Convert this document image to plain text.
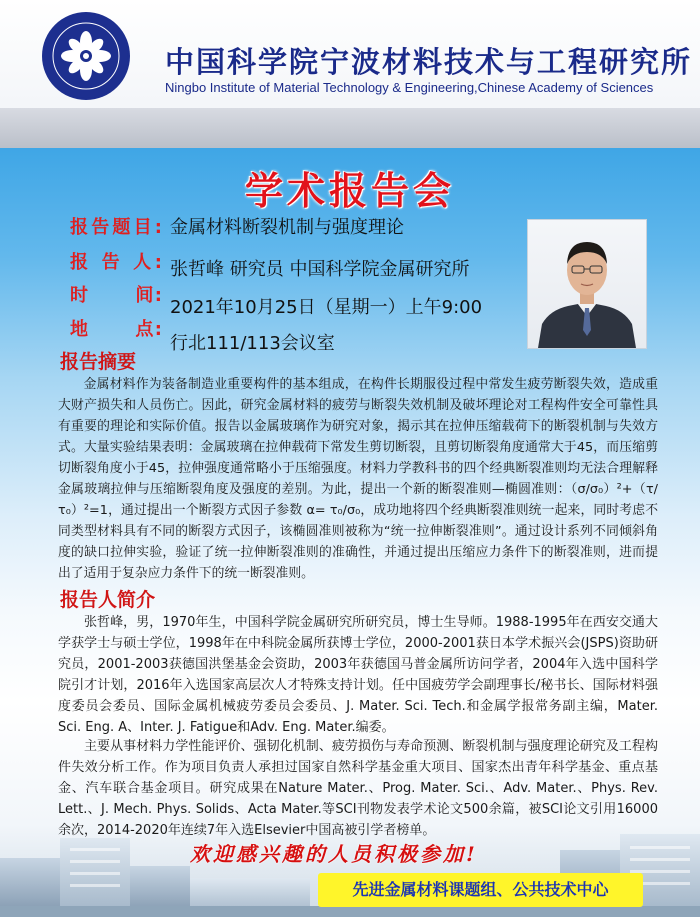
中国科学院宁波材料技术与工程研究所
Ningbo Institute of Material Technology & Engineering,Chinese Academy of Sciences
学术报告会
报告题目: 金属材料断裂机制与强度理论
报 告 人: 张哲峰 研究员 中国科学院金属研究所
时      间:
2021年10月25日（星期一）上午9:00
地      点:
行北111/113会议室
报告摘要

金属材料作为装备制造业重要构件的基本组成，在构件长期服役过程中常发生疲劳断裂失效，造成重大财产损失和人员伤亡。因此，研究金属材料的疲劳与断裂失效机制及破坏理论对工程构件安全可靠性具有重要的理论和实际价值。报告以金属玻璃作为研究对象，揭示其在拉伸压缩载荷下的断裂机制与失效方式。大量实验结果表明：金属玻璃在拉伸载荷下常发生剪切断裂，且剪切断裂角度通常大于45，而压缩剪切断裂角度小于45，拉伸强度通常略小于压缩强度。材料力学教科书的四个经典断裂准则均无法合理解释金属玻璃拉伸与压缩断裂角度及强度的差别。为此，提出一个新的断裂准则—椭圆准则：（σ/σ₀）²+（τ/τ₀）²=1，通过提出一个断裂方式因子参数 α= τ₀/σ₀，成功地将四个经典断裂准则统一起来，同时考虑不同类型材料具有不同的断裂方式因子，该椭圆准则被称为“统一拉伸断裂准则”。通过设计系列不同倾斜角度的缺口拉伸实验，验证了统一拉伸断裂准则的准确性，并通过提出压缩应力条件下的断裂准则，进而提出了适用于复杂应力条件下的统一断裂准则。

报告人简介

张哲峰，男，1970年生，中国科学院金属研究所研究员，博士生导师。1988-1995年在西安交通大学获学士与硕士学位，1998年在中科院金属所获博士学位，2000-2001获日本学术振兴会(JSPS)资助研究员，2001-2003获德国洪堡基金会资助，2003年获德国马普金属所访问学者，2004年入选中国科学院引才计划，2016年入选国家高层次人才特殊支持计划。任中国疲劳学会副理事长/秘书长、国际材料强度委员会委员、国际金属机械疲劳委员会委员、J. Mater. Sci. Tech.和金属学报常务副主编，Mater. Sci. Eng. A、Inter. J. Fatigue和Adv. Eng. Mater.编委。

主要从事材料力学性能评价、强韧化机制、疲劳损伤与寿命预测、断裂机制与强度理论研究及工程构件失效分析工作。作为项目负责人承担过国家自然科学基金重大项目、国家杰出青年科学基金、重点基金、汽车联合基金项目。研究成果在Nature Mater.、Prog. Mater. Sci.、Adv. Mater.、Phys. Rev. Lett.、J. Mech. Phys. Solids、Acta Mater.等SCI刊物发表学术论文500余篇，被SCI论文引用16000余次，2014-2020年连续7年入选Elsevier中国高被引学者榜单。

欢迎感兴趣的人员积极参加!
先进金属材料课题组、公共技术中心
